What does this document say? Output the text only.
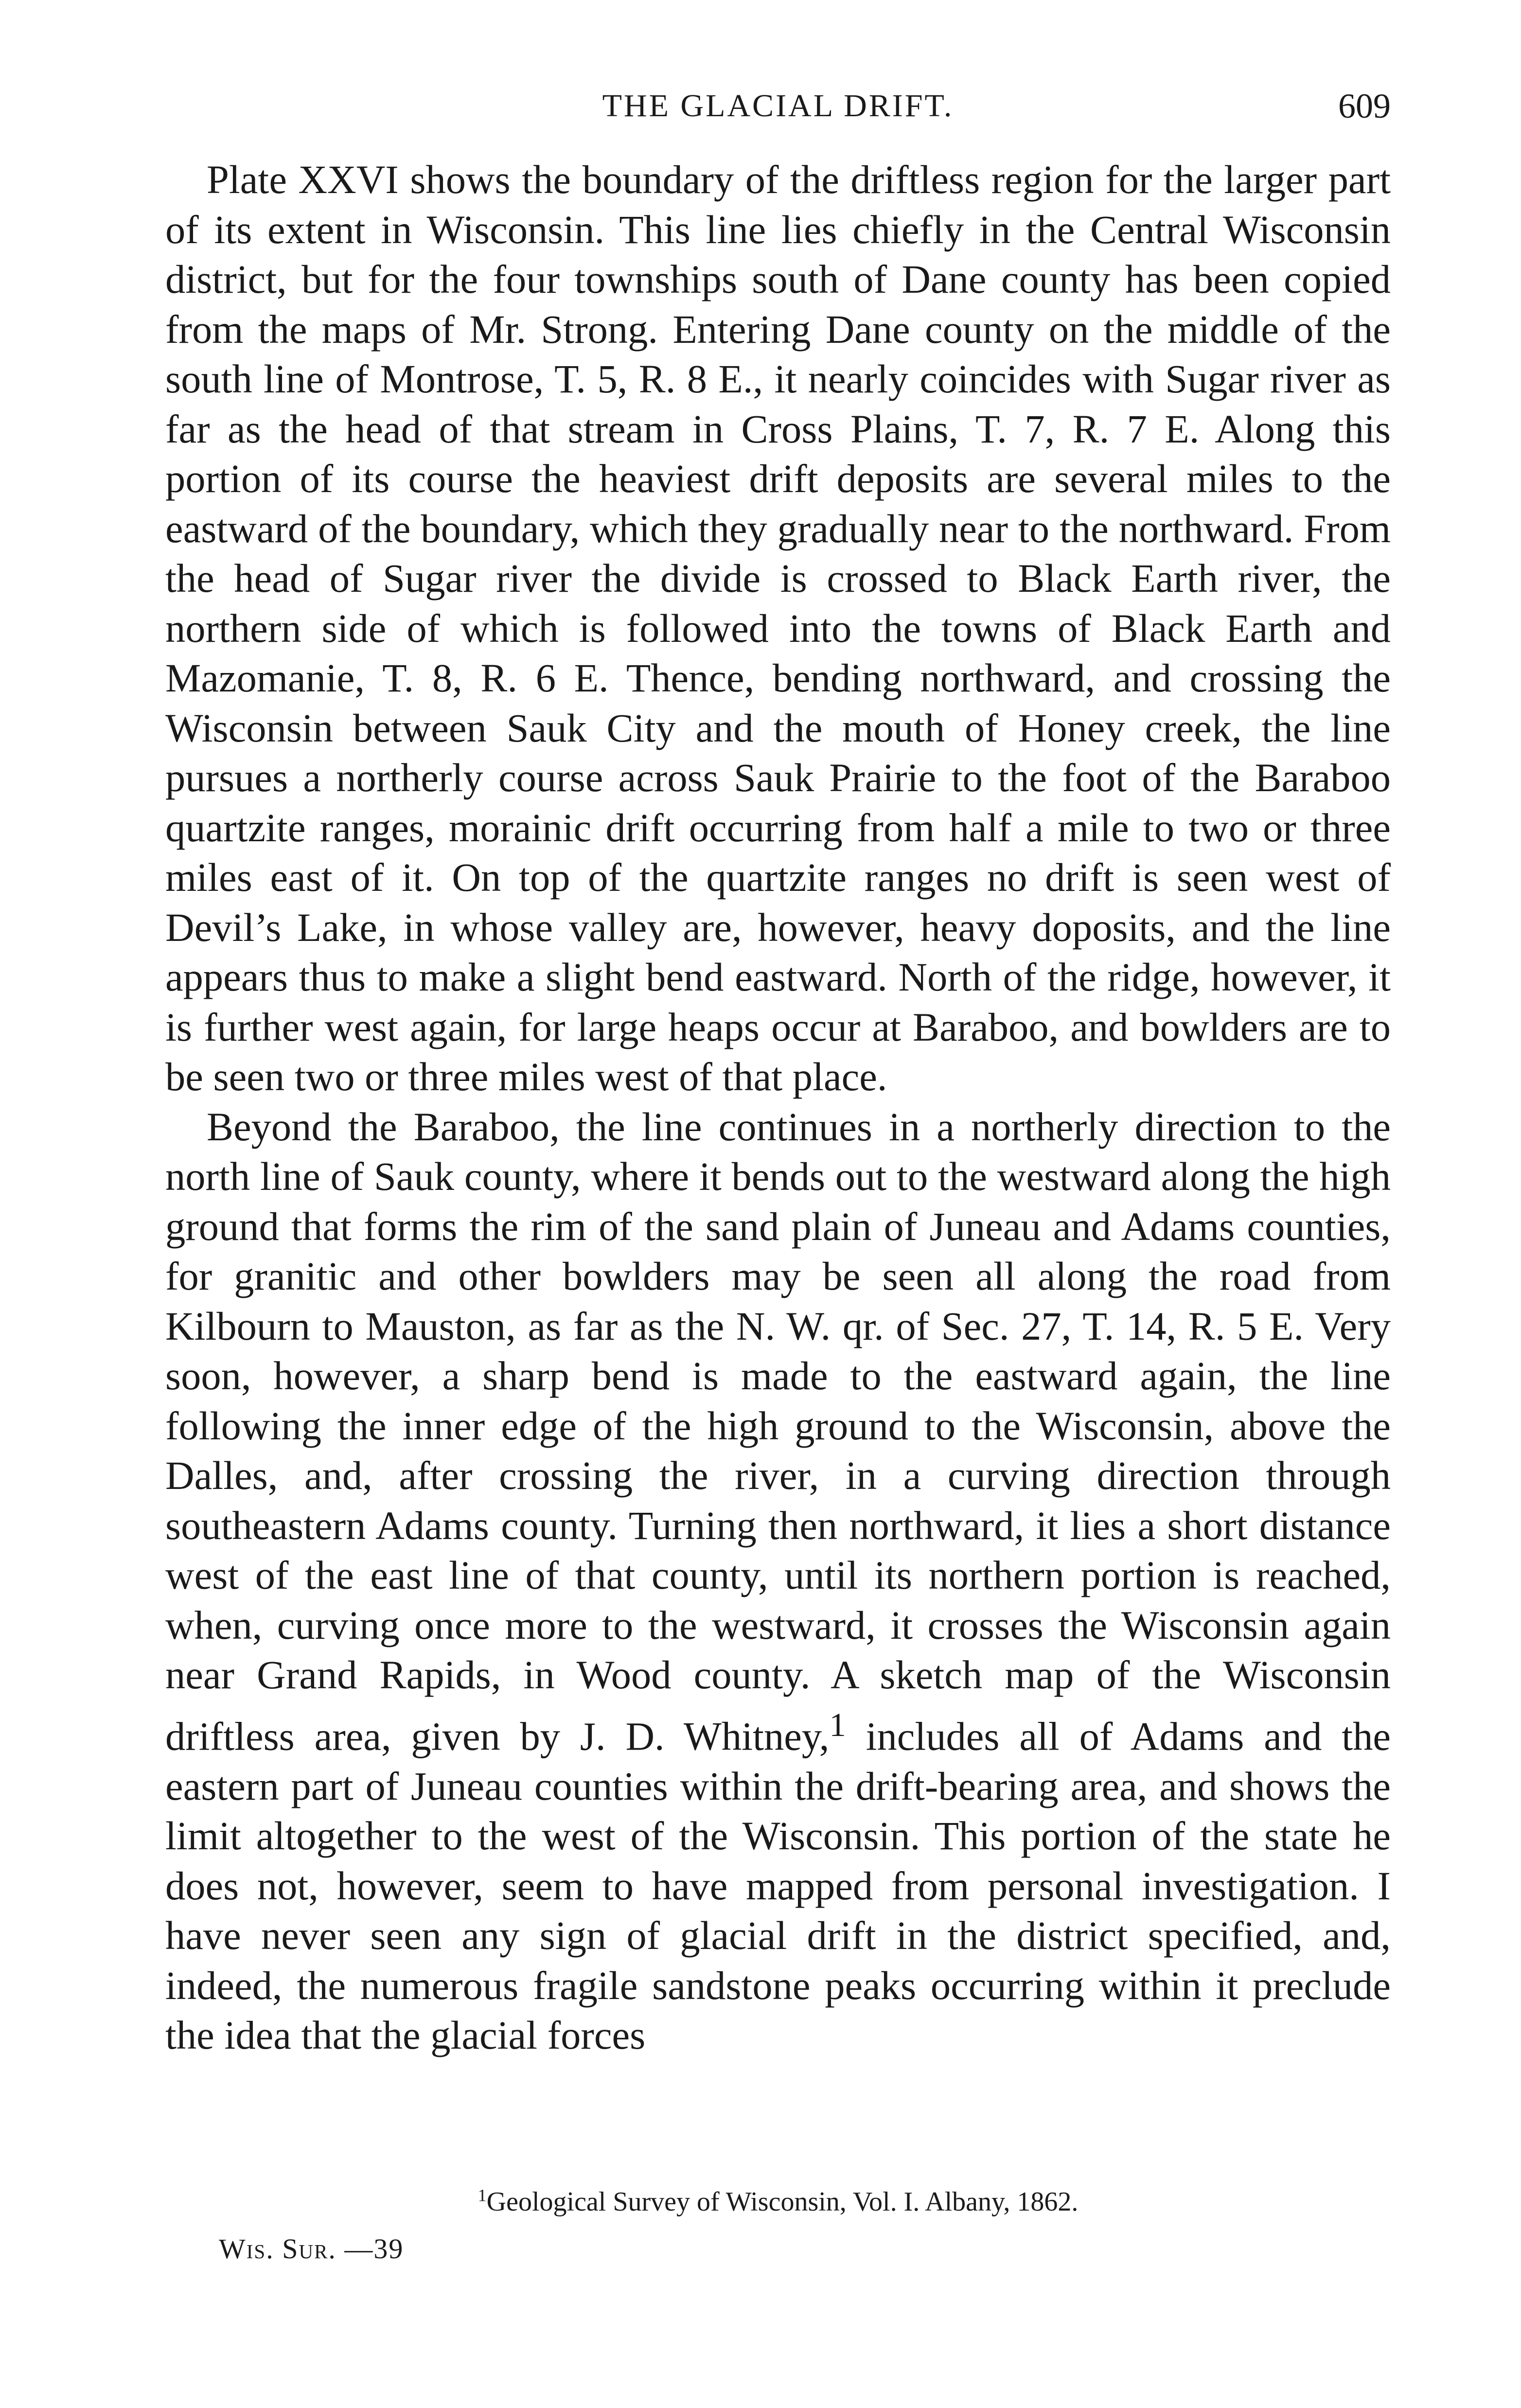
THE GLACIAL DRIFT.	609

Plate XXVI shows the boundary of the driftless region for the larger part of its extent in Wisconsin. This line lies chiefly in the Central Wisconsin district, but for the four townships south of Dane county has been copied from the maps of Mr. Strong. Entering Dane county on the middle of the south line of Montrose, T. 5, R. 8 E., it nearly coincides with Sugar river as far as the head of that stream in Cross Plains, T. 7, R. 7 E. Along this portion of its course the heaviest drift deposits are several miles to the eastward of the boundary, which they gradually near to the northward. From the head of Sugar river the divide is crossed to Black Earth river, the northern side of which is followed into the towns of Black Earth and Mazomanie, T. 8, R. 6 E. Thence, bending northward, and crossing the Wisconsin between Sauk City and the mouth of Honey creek, the line pursues a northerly course across Sauk Prairie to the foot of the Baraboo quartzite ranges, morainic drift occurring from half a mile to two or three miles east of it. On top of the quartzite ranges no drift is seen west of Devil’s Lake, in whose valley are, however, heavy doposits, and the line appears thus to make a slight bend eastward. North of the ridge, however, it is further west again, for large heaps occur at Baraboo, and bowlders are to be seen two or three miles west of that place.

Beyond the Baraboo, the line continues in a northerly direction to the north line of Sauk county, where it bends out to the westward along the high ground that forms the rim of the sand plain of Juneau and Adams counties, for granitic and other bowlders may be seen all along the road from Kilbourn to Mauston, as far as the N. W. qr. of Sec. 27, T. 14, R. 5 E. Very soon, however, a sharp bend is made to the eastward again, the line following the inner edge of the high ground to the Wisconsin, above the Dalles, and, after crossing the river, in a curving direction through southeastern Adams county. Turning then northward, it lies a short distance west of the east line of that county, until its northern portion is reached, when, curving once more to the westward, it crosses the Wisconsin again near Grand Rapids, in Wood county. A sketch map of the Wisconsin driftless area, given by J. D. Whitney,$^1$ includes all of Adams and the eastern part of Juneau counties within the drift-bearing area, and shows the limit altogether to the west of the Wisconsin. This portion of the state he does not, however, seem to have mapped from personal investigation. I have never seen any sign of glacial drift in the district specified, and, indeed, the numerous fragile sandstone peaks occurring within it preclude the idea that the glacial forces

$^1$Geological Survey of Wisconsin, Vol. I. Albany, 1862.
Wis. Sur. —39
